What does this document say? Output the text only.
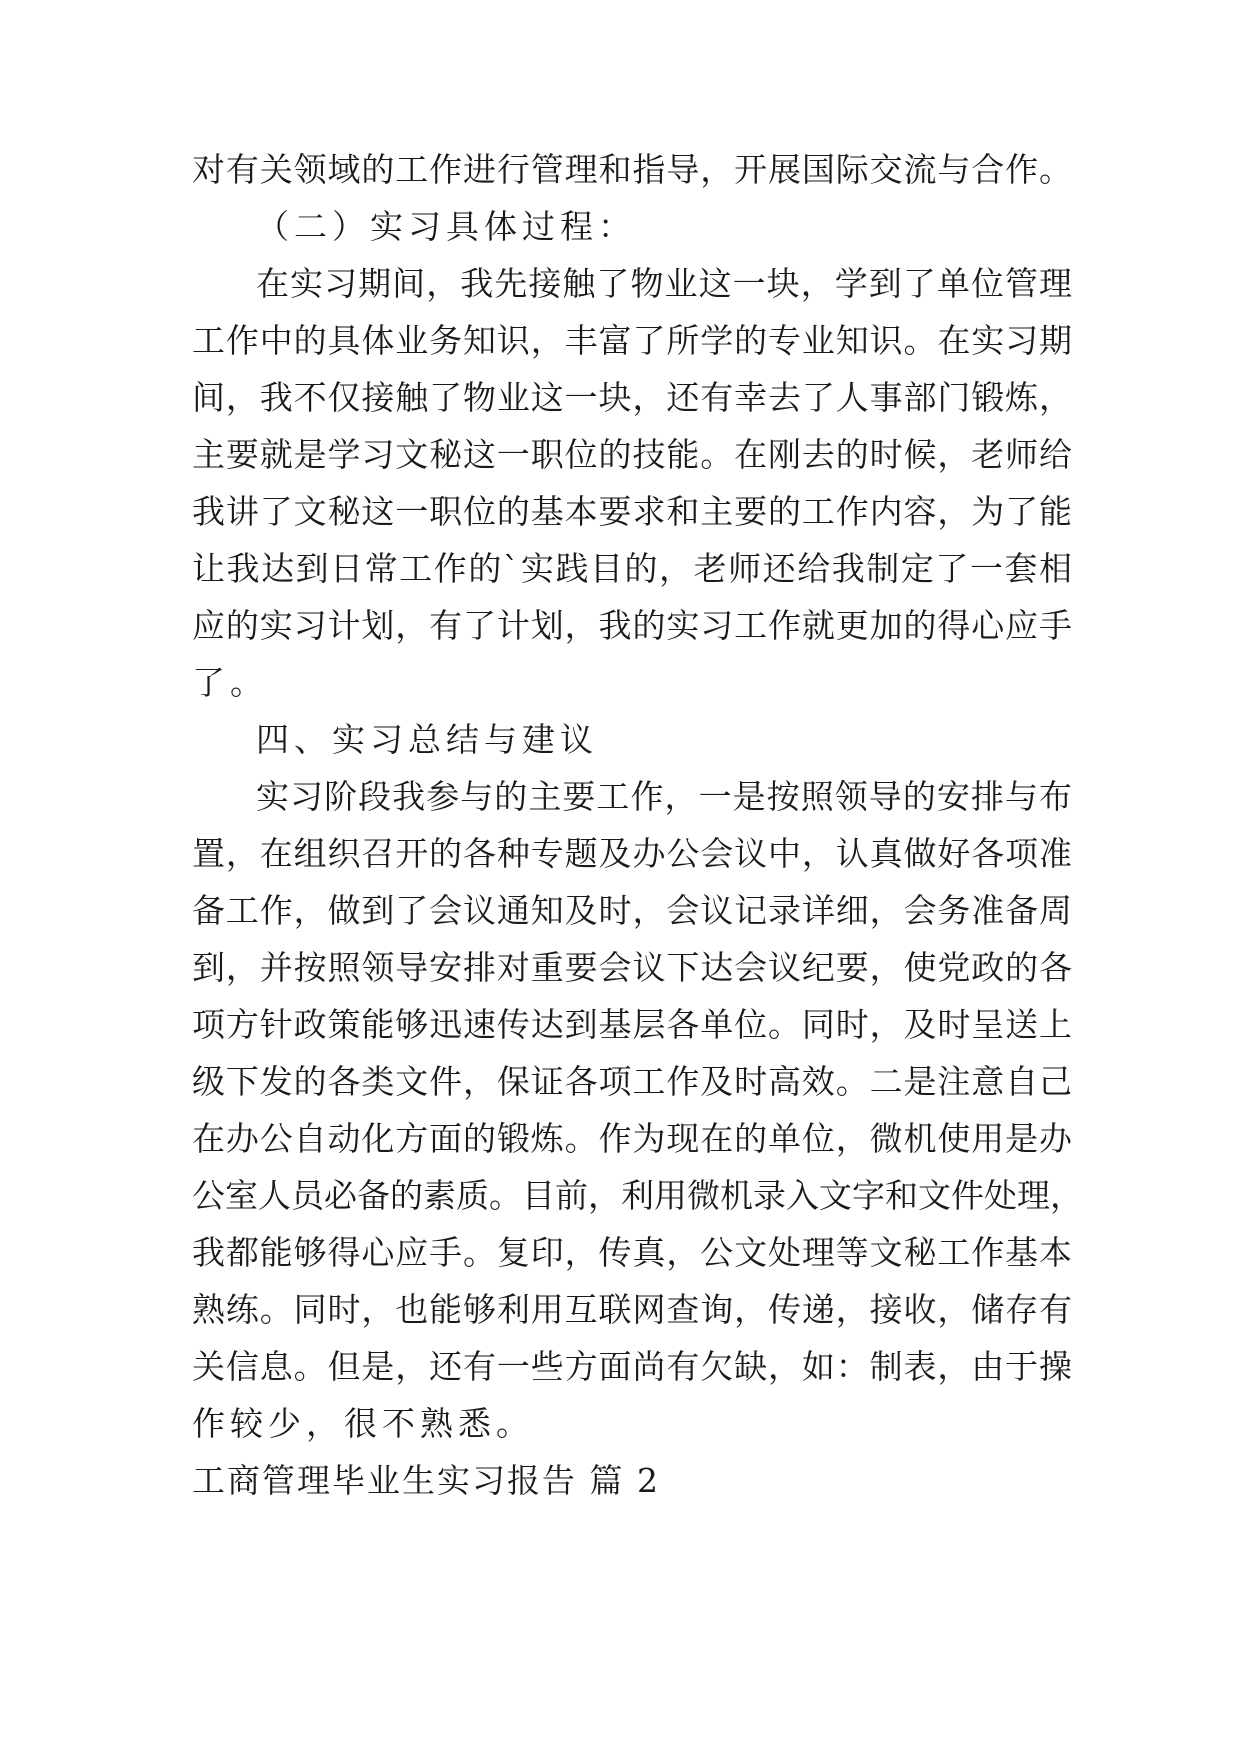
对有关领域的工作进行管理和指导，开展国际交流与合作。
（二）实习具体过程：
在实习期间，我先接触了物业这一块，学到了单位管理
工作中的具体业务知识，丰富了所学的专业知识。在实习期
间，我不仅接触了物业这一块，还有幸去了人事部门锻炼，
主要就是学习文秘这一职位的技能。在刚去的时候，老师给
我讲了文秘这一职位的基本要求和主要的工作内容，为了能
让我达到日常工作的`实践目的，老师还给我制定了一套相
应的实习计划，有了计划，我的实习工作就更加的得心应手
了。
四、实习总结与建议
实习阶段我参与的主要工作，一是按照领导的安排与布
置，在组织召开的各种专题及办公会议中，认真做好各项准
备工作，做到了会议通知及时，会议记录详细，会务准备周
到，并按照领导安排对重要会议下达会议纪要，使党政的各
项方针政策能够迅速传达到基层各单位。同时，及时呈送上
级下发的各类文件，保证各项工作及时高效。二是注意自己
在办公自动化方面的锻炼。作为现在的单位，微机使用是办
公室人员必备的素质。目前，利用微机录入文字和文件处理，
我都能够得心应手。复印，传真，公文处理等文秘工作基本
熟练。同时，也能够利用互联网查询，传递，接收，储存有
关信息。但是，还有一些方面尚有欠缺，如：制表，由于操
作较少，很不熟悉。
工商管理毕业生实习报告 篇 2
